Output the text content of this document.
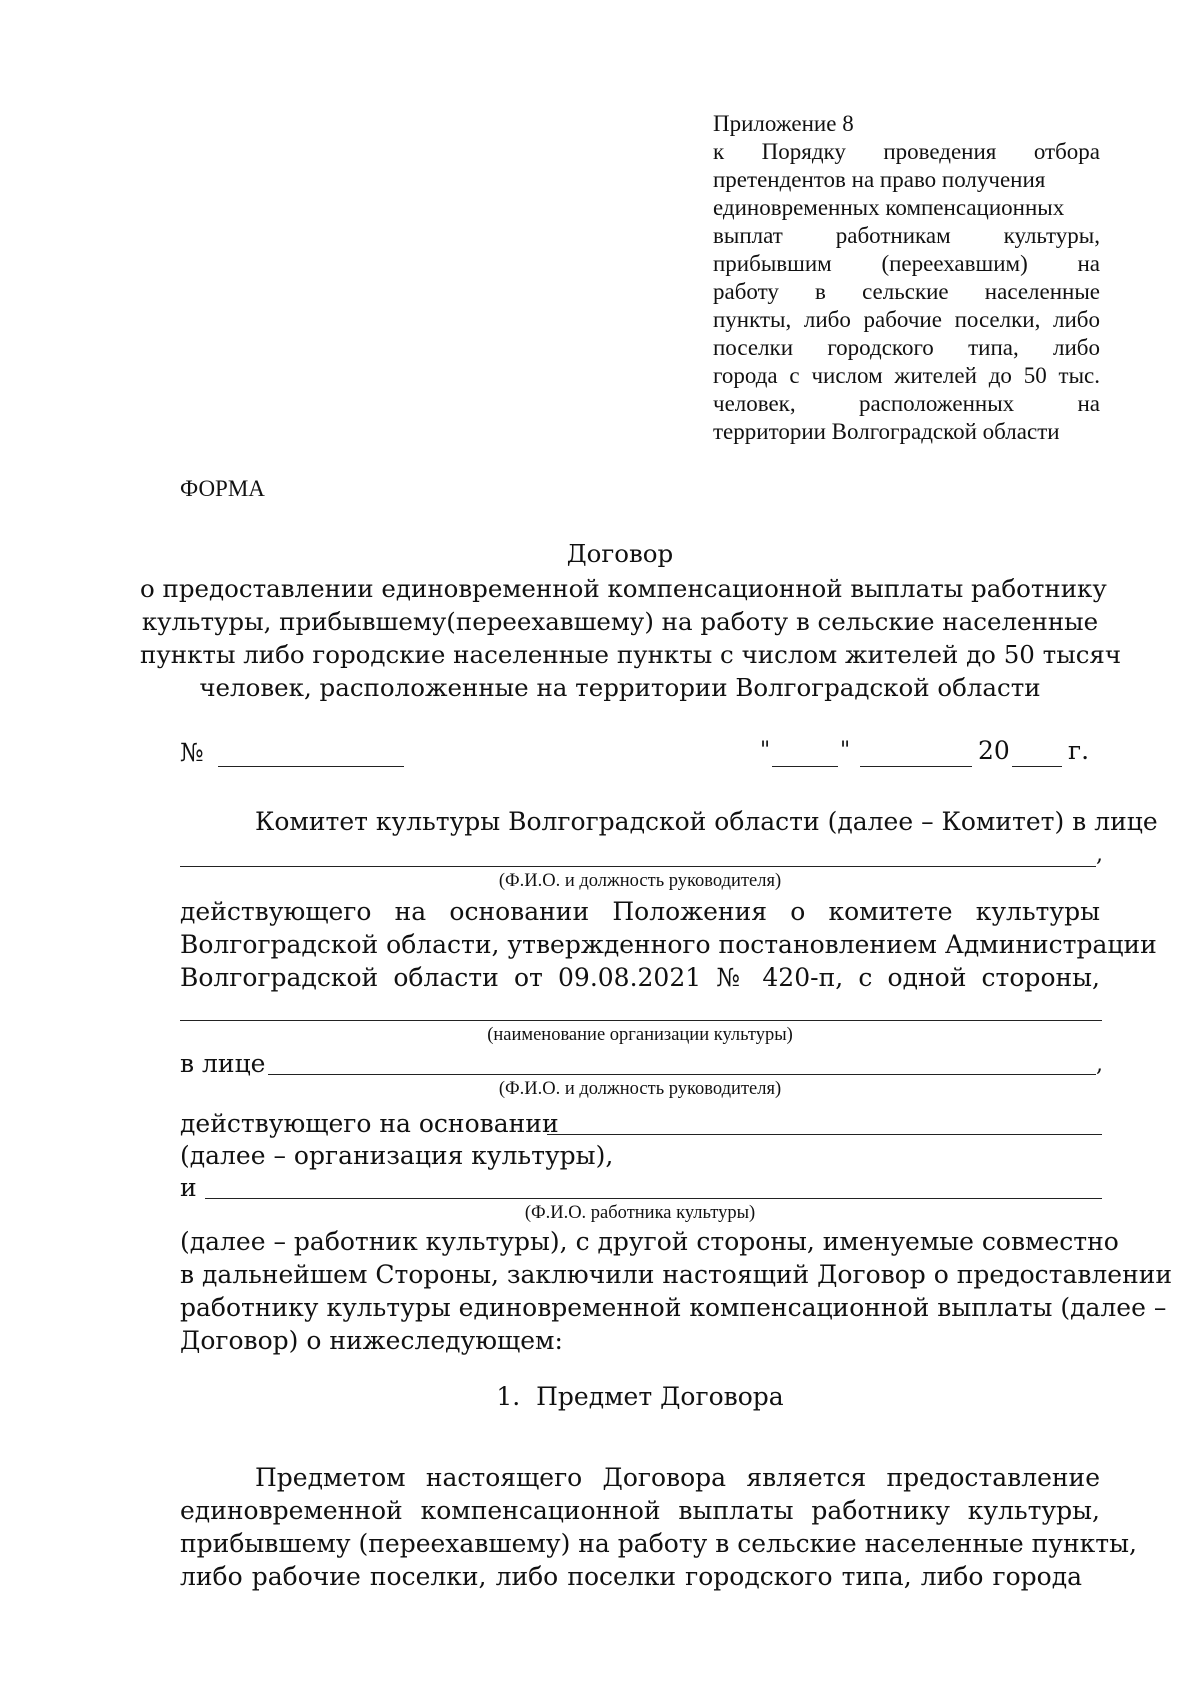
Приложение 8
к Порядку проведения отбора
претендентов на право получения
единовременных компенсационных
выплат работникам культуры,
прибывшим (переехавшим) на
работу в сельские населенные
пункты, либо рабочие поселки, либо
поселки городского типа, либо
города с числом жителей до 50 тыс.
человек, расположенных на
территории Волгоградской области
ФОРМА
Договор
о предоставлении единовременной компенсационной выплаты работнику
культуры, прибывшему(переехавшему) на работу в сельские населенные
пункты либо городские населенные пункты с числом жителей до 50 тысяч
человек, расположенные на территории Волгоградской области
№	"	"	20 г.
Комитет культуры Волгоградской области (далее – Комитет) в лице
,
(Ф.И.О. и должность руководителя)
действующего на основании Положения о комитете культуры
Волгоградской области, утвержденного постановлением Администрации
Волгоградской области от 09.08.2021 № 420-п, с одной стороны,
(наименование организации культуры)
в лице	,
(Ф.И.О. и должность руководителя)
действующего на основании
(далее – организация культуры),
и
(Ф.И.О. работника культуры)
(далее – работник культуры), с другой стороны, именуемые совместно
в дальнейшем Стороны, заключили настоящий Договор о предоставлении
работнику культуры единовременной компенсационной выплаты (далее –
Договор) о нижеследующем:
1. Предмет Договора
Предметом настоящего Договора является предоставление
единовременной компенсационной выплаты работнику культуры,
прибывшему (переехавшему) на работу в сельские населенные пункты,
либо рабочие поселки, либо поселки городского типа, либо города
